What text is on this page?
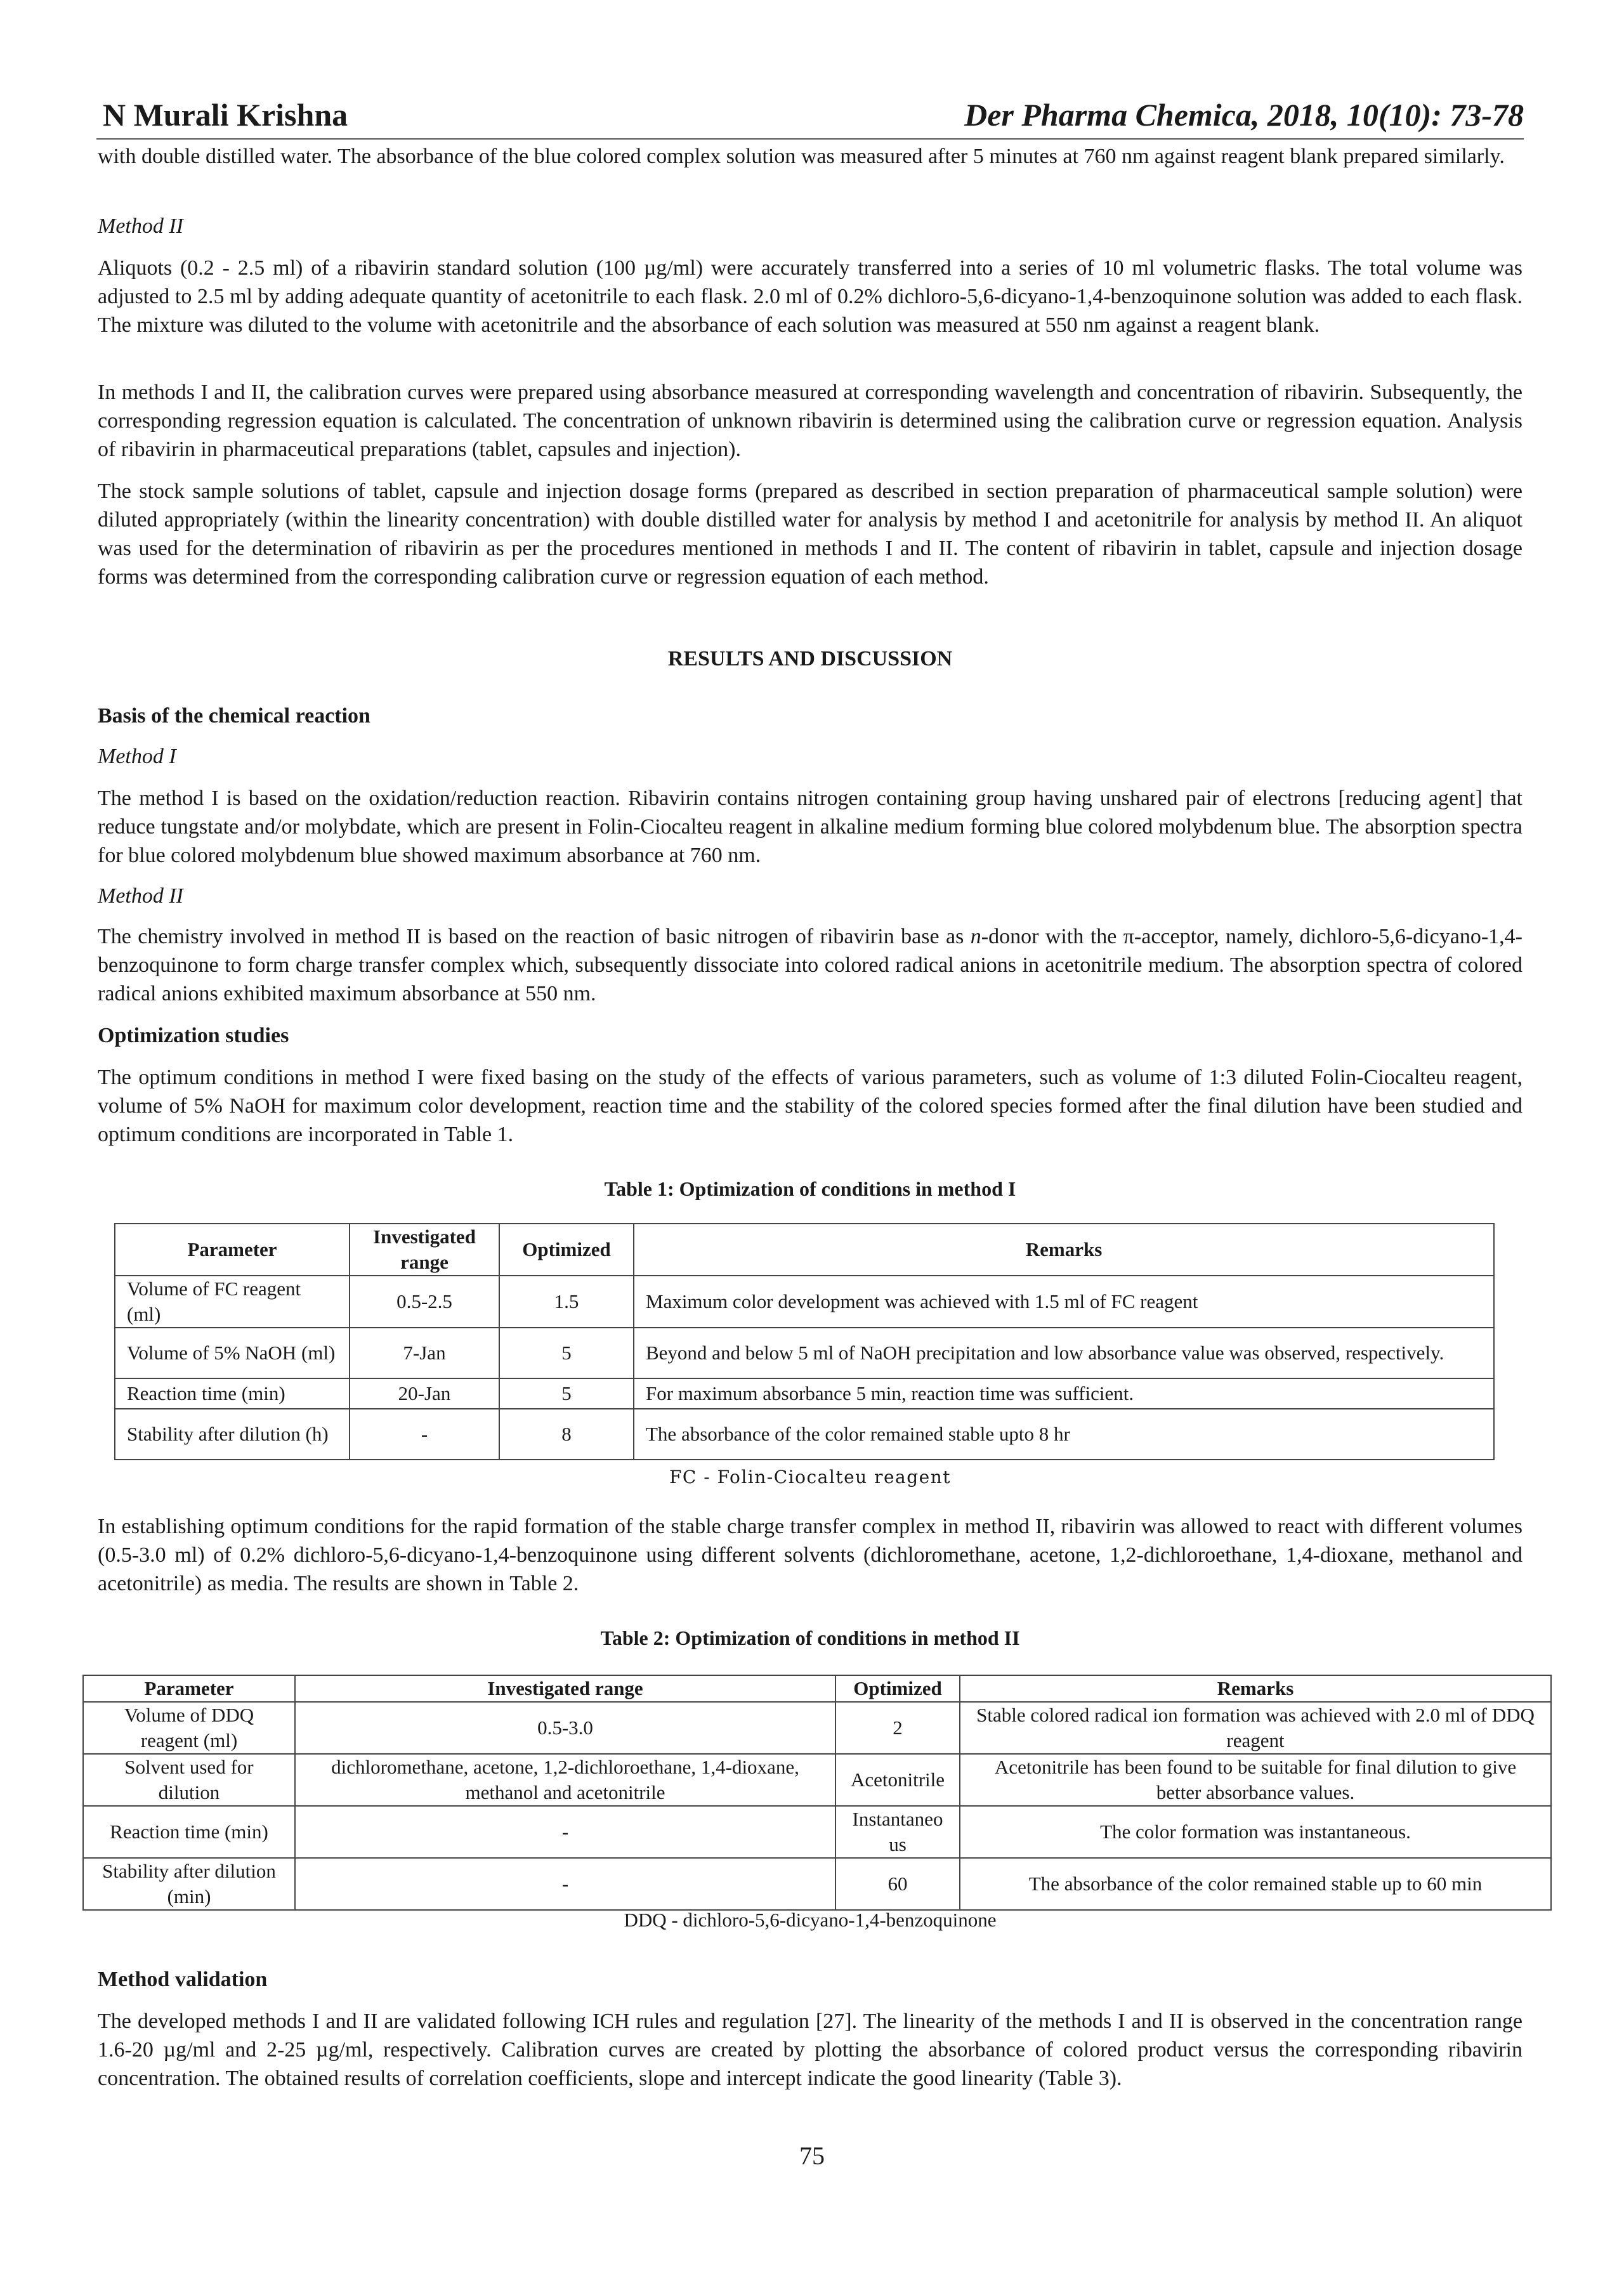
N Murali Krishna	Der Pharma Chemica, 2018, 10(10): 73-78

with double distilled water. The absorbance of the blue colored complex solution was measured after 5 minutes at 760 nm against reagent blank prepared similarly.

Method II
Aliquots (0.2 - 2.5 ml) of a ribavirin standard solution (100 µg/ml) were accurately transferred into a series of 10 ml volumetric flasks. The total volume was adjusted to 2.5 ml by adding adequate quantity of acetonitrile to each flask. 2.0 ml of 0.2% dichloro-5,6-dicyano-1,4-benzoquinone solution was added to each flask. The mixture was diluted to the volume with acetonitrile and the absorbance of each solution was measured at 550 nm against a reagent blank.
In methods I and II, the calibration curves were prepared using absorbance measured at corresponding wavelength and concentration of ribavirin. Subsequently, the corresponding regression equation is calculated. The concentration of unknown ribavirin is determined using the calibration curve or regression equation. Analysis of ribavirin in pharmaceutical preparations (tablet, capsules and injection).
The stock sample solutions of tablet, capsule and injection dosage forms (prepared as described in section preparation of pharmaceutical sample solution) were diluted appropriately (within the linearity concentration) with double distilled water for analysis by method I and acetonitrile for analysis by method II. An aliquot was used for the determination of ribavirin as per the procedures mentioned in methods I and II. The content of ribavirin in tablet, capsule and injection dosage forms was determined from the corresponding calibration curve or regression equation of each method.
RESULTS AND DISCUSSION
Basis of the chemical reaction
Method I
The method I is based on the oxidation/reduction reaction. Ribavirin contains nitrogen containing group having unshared pair of electrons [reducing agent] that reduce tungstate and/or molybdate, which are present in Folin-Ciocalteu reagent in alkaline medium forming blue colored molybdenum blue. The absorption spectra for blue colored molybdenum blue showed maximum absorbance at 760 nm.
Method II
The chemistry involved in method II is based on the reaction of basic nitrogen of ribavirin base as n-donor with the π-acceptor, namely, dichloro-5,6-dicyano-1,4-benzoquinone to form charge transfer complex which, subsequently dissociate into colored radical anions in acetonitrile medium. The absorption spectra of colored radical anions exhibited maximum absorbance at 550 nm.
Optimization studies
The optimum conditions in method I were fixed basing on the study of the effects of various parameters, such as volume of 1:3 diluted Folin-Ciocalteu reagent, volume of 5% NaOH for maximum color development, reaction time and the stability of the colored species formed after the final dilution have been studied and optimum conditions are incorporated in Table 1.
Table 1: Optimization of conditions in method I
Parameter	Investigated range	Optimized	Remarks
Volume of FC reagent (ml)	0.5-2.5	1.5	Maximum color development was achieved with 1.5 ml of FC reagent
Volume of 5% NaOH (ml)	7-Jan	5	Beyond and below 5 ml of NaOH precipitation and low absorbance value was observed, respectively.
Reaction time (min)	20-Jan	5	For maximum absorbance 5 min, reaction time was sufficient.
Stability after dilution (h)	-	8	The absorbance of the color remained stable upto 8 hr
FC - Folin-Ciocalteu reagent
In establishing optimum conditions for the rapid formation of the stable charge transfer complex in method II, ribavirin was allowed to react with different volumes (0.5-3.0 ml) of 0.2% dichloro-5,6-dicyano-1,4-benzoquinone using different solvents (dichloromethane, acetone, 1,2-dichloroethane, 1,4-dioxane, methanol and acetonitrile) as media. The results are shown in Table 2.
Table 2: Optimization of conditions in method II
Parameter	Investigated range	Optimized	Remarks
Volume of DDQ reagent (ml)	0.5-3.0	2	Stable colored radical ion formation was achieved with 2.0 ml of DDQ reagent
Solvent used for dilution	dichloromethane, acetone, 1,2-dichloroethane, 1,4-dioxane, methanol and acetonitrile	Acetonitrile	Acetonitrile has been found to be suitable for final dilution to give better absorbance values.
Reaction time (min)	-	Instantaneous	The color formation was instantaneous.
Stability after dilution (min)	-	60	The absorbance of the color remained stable up to 60 min
DDQ - dichloro-5,6-dicyano-1,4-benzoquinone
Method validation
The developed methods I and II are validated following ICH rules and regulation [27]. The linearity of the methods I and II is observed in the concentration range 1.6-20 µg/ml and 2-25 µg/ml, respectively. Calibration curves are created by plotting the absorbance of colored product versus the corresponding ribavirin concentration. The obtained results of correlation coefficients, slope and intercept indicate the good linearity (Table 3).
75
